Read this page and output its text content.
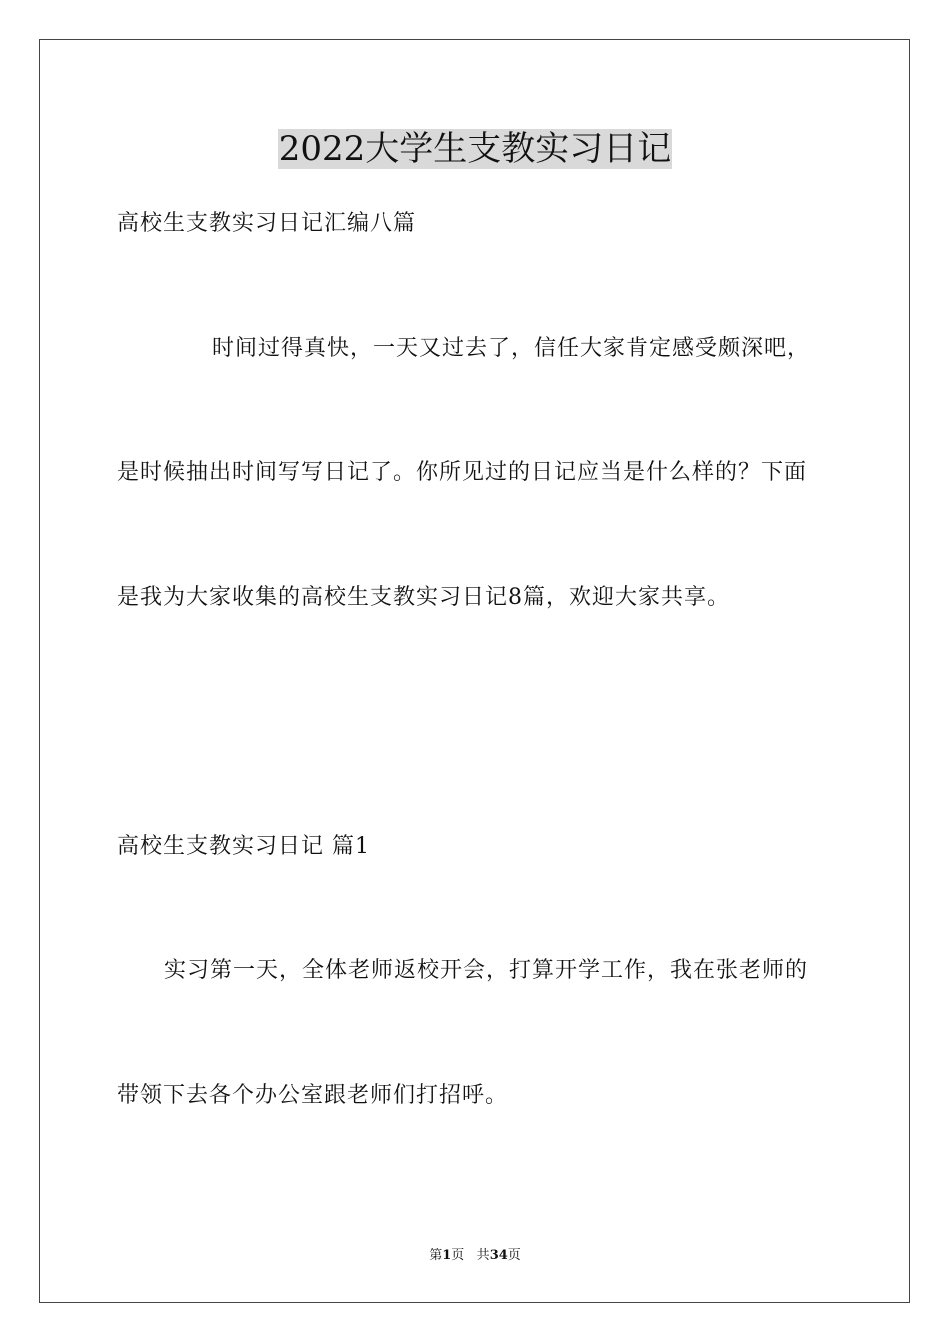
2022大学生支教实习日记
高校生支教实习日记汇编八篇
时间过得真快，一天又过去了，信任大家肯定感受颇深吧，
是时候抽出时间写写日记了。你所见过的日记应当是什么样的？下面
是我为大家收集的高校生支教实习日记8篇，欢迎大家共享。
高校生支教实习日记 篇1
实习第一天，全体老师返校开会，打算开学工作，我在张老师的
带领下去各个办公室跟老师们打招呼。
第1页 共34页
